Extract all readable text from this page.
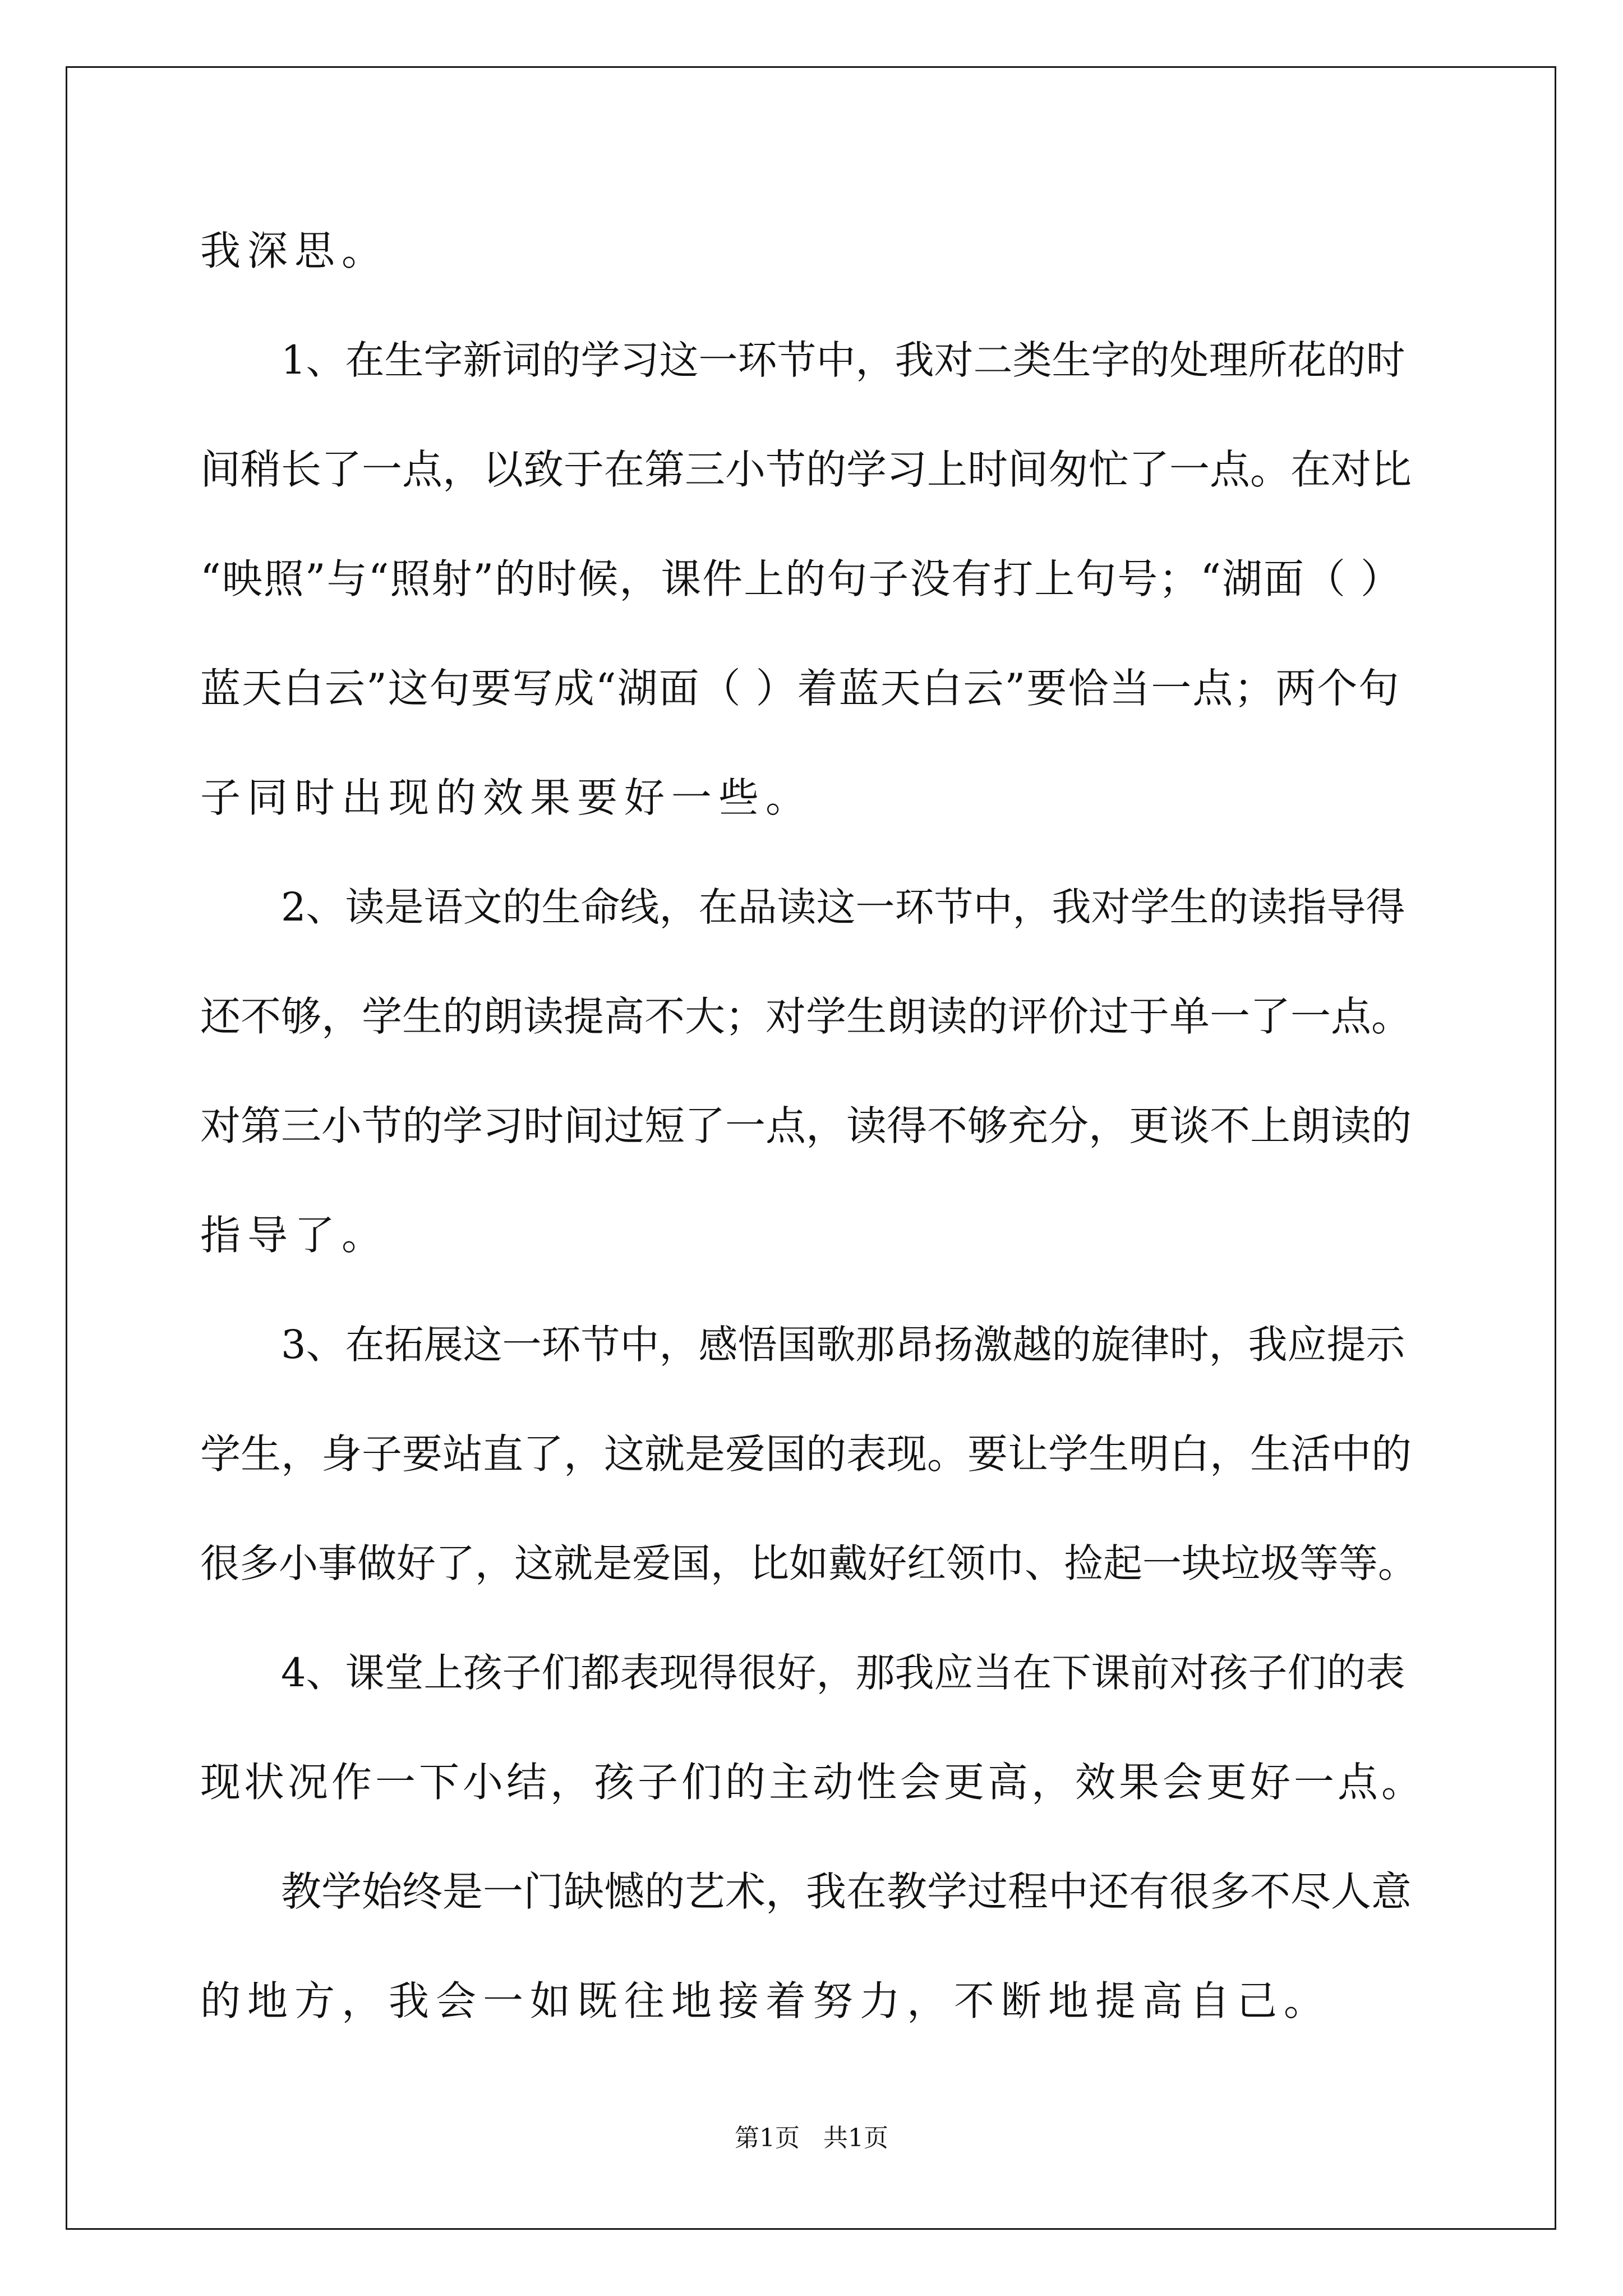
我深思。
1、在生字新词的学习这一环节中，我对二类生字的处理所花的时
间稍长了一点，以致于在第三小节的学习上时间匆忙了一点。在对比
“映照”与“照射”的时候，课件上的句子没有打上句号；“湖面（ ）
蓝天白云”这句要写成“湖面（ ）着蓝天白云”要恰当一点；两个句
子同时出现的效果要好一些。
2、读是语文的生命线，在品读这一环节中，我对学生的读指导得
还不够，学生的朗读提高不大；对学生朗读的评价过于单一了一点。
对第三小节的学习时间过短了一点，读得不够充分，更谈不上朗读的
指导了。
3、在拓展这一环节中，感悟国歌那昂扬激越的旋律时，我应提示
学生，身子要站直了，这就是爱国的表现。要让学生明白，生活中的
很多小事做好了，这就是爱国，比如戴好红领巾、捡起一块垃圾等等。
4、课堂上孩子们都表现得很好，那我应当在下课前对孩子们的表
现状况作一下小结，孩子们的主动性会更高，效果会更好一点。
教学始终是一门缺憾的艺术，我在教学过程中还有很多不尽人意
的地方，我会一如既往地接着努力，不断地提高自己。
第1页 共1页
